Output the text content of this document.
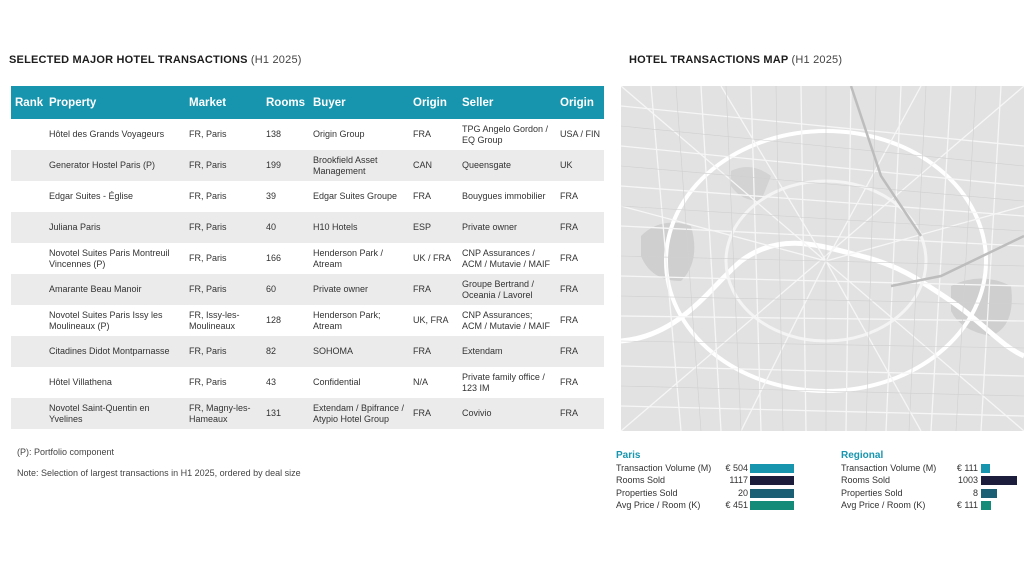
SELECTED MAJOR HOTEL TRANSACTIONS (H1 2025)	HOTEL TRANSACTIONS MAP (H1 2025)
Rank	Property	Market	Rooms	Buyer	Origin	Seller	Origin
	Hôtel des Grands Voyageurs	FR, Paris	138	Origin Group	FRA	TPG Angelo Gordon / EQ Group	USA / FIN
	Generator Hostel Paris (P)	FR, Paris	199	Brookfield Asset Management	CAN	Queensgate	UK
	Edgar Suites - Église	FR, Paris	39	Edgar Suites Groupe	FRA	Bouygues immobilier	FRA
	Juliana Paris	FR, Paris	40	H10 Hotels	ESP	Private owner	FRA
	Novotel Suites Paris Montreuil Vincennes (P)	FR, Paris	166	Henderson Park / Atream	UK / FRA	CNP Assurances / ACM / Mutavie / MAIF	FRA
	Amarante Beau Manoir	FR, Paris	60	Private owner	FRA	Groupe Bertrand / Oceania / Lavorel	FRA
	Novotel Suites Paris Issy les Moulineaux (P)	FR, Issy-les-Moulineaux	128	Henderson Park; Atream	UK, FRA	CNP Assurances; ACM / Mutavie / MAIF	FRA
	Citadines Didot Montparnasse	FR, Paris	82	SOHOMA	FRA	Extendam	FRA
	Hôtel Villathena	FR, Paris	43	Confidential	N/A	Private family office / 123 IM	FRA
	Novotel Saint-Quentin en Yvelines	FR, Magny-les-Hameaux	131	Extendam / Bpifrance / Atypio Hotel Group	FRA	Covivio	FRA
(P): Portfolio component
Note: Selection of largest transactions in H1 2025, ordered by deal size
Paris
Transaction Volume (M) € 504
Rooms Sold	1117
Properties Sold	20
Avg Price / Room (K)	€ 451
Regional
Transaction Volume (M) € 111
Rooms Sold	1003
Properties Sold	8
Avg Price / Room (K)	€ 111
